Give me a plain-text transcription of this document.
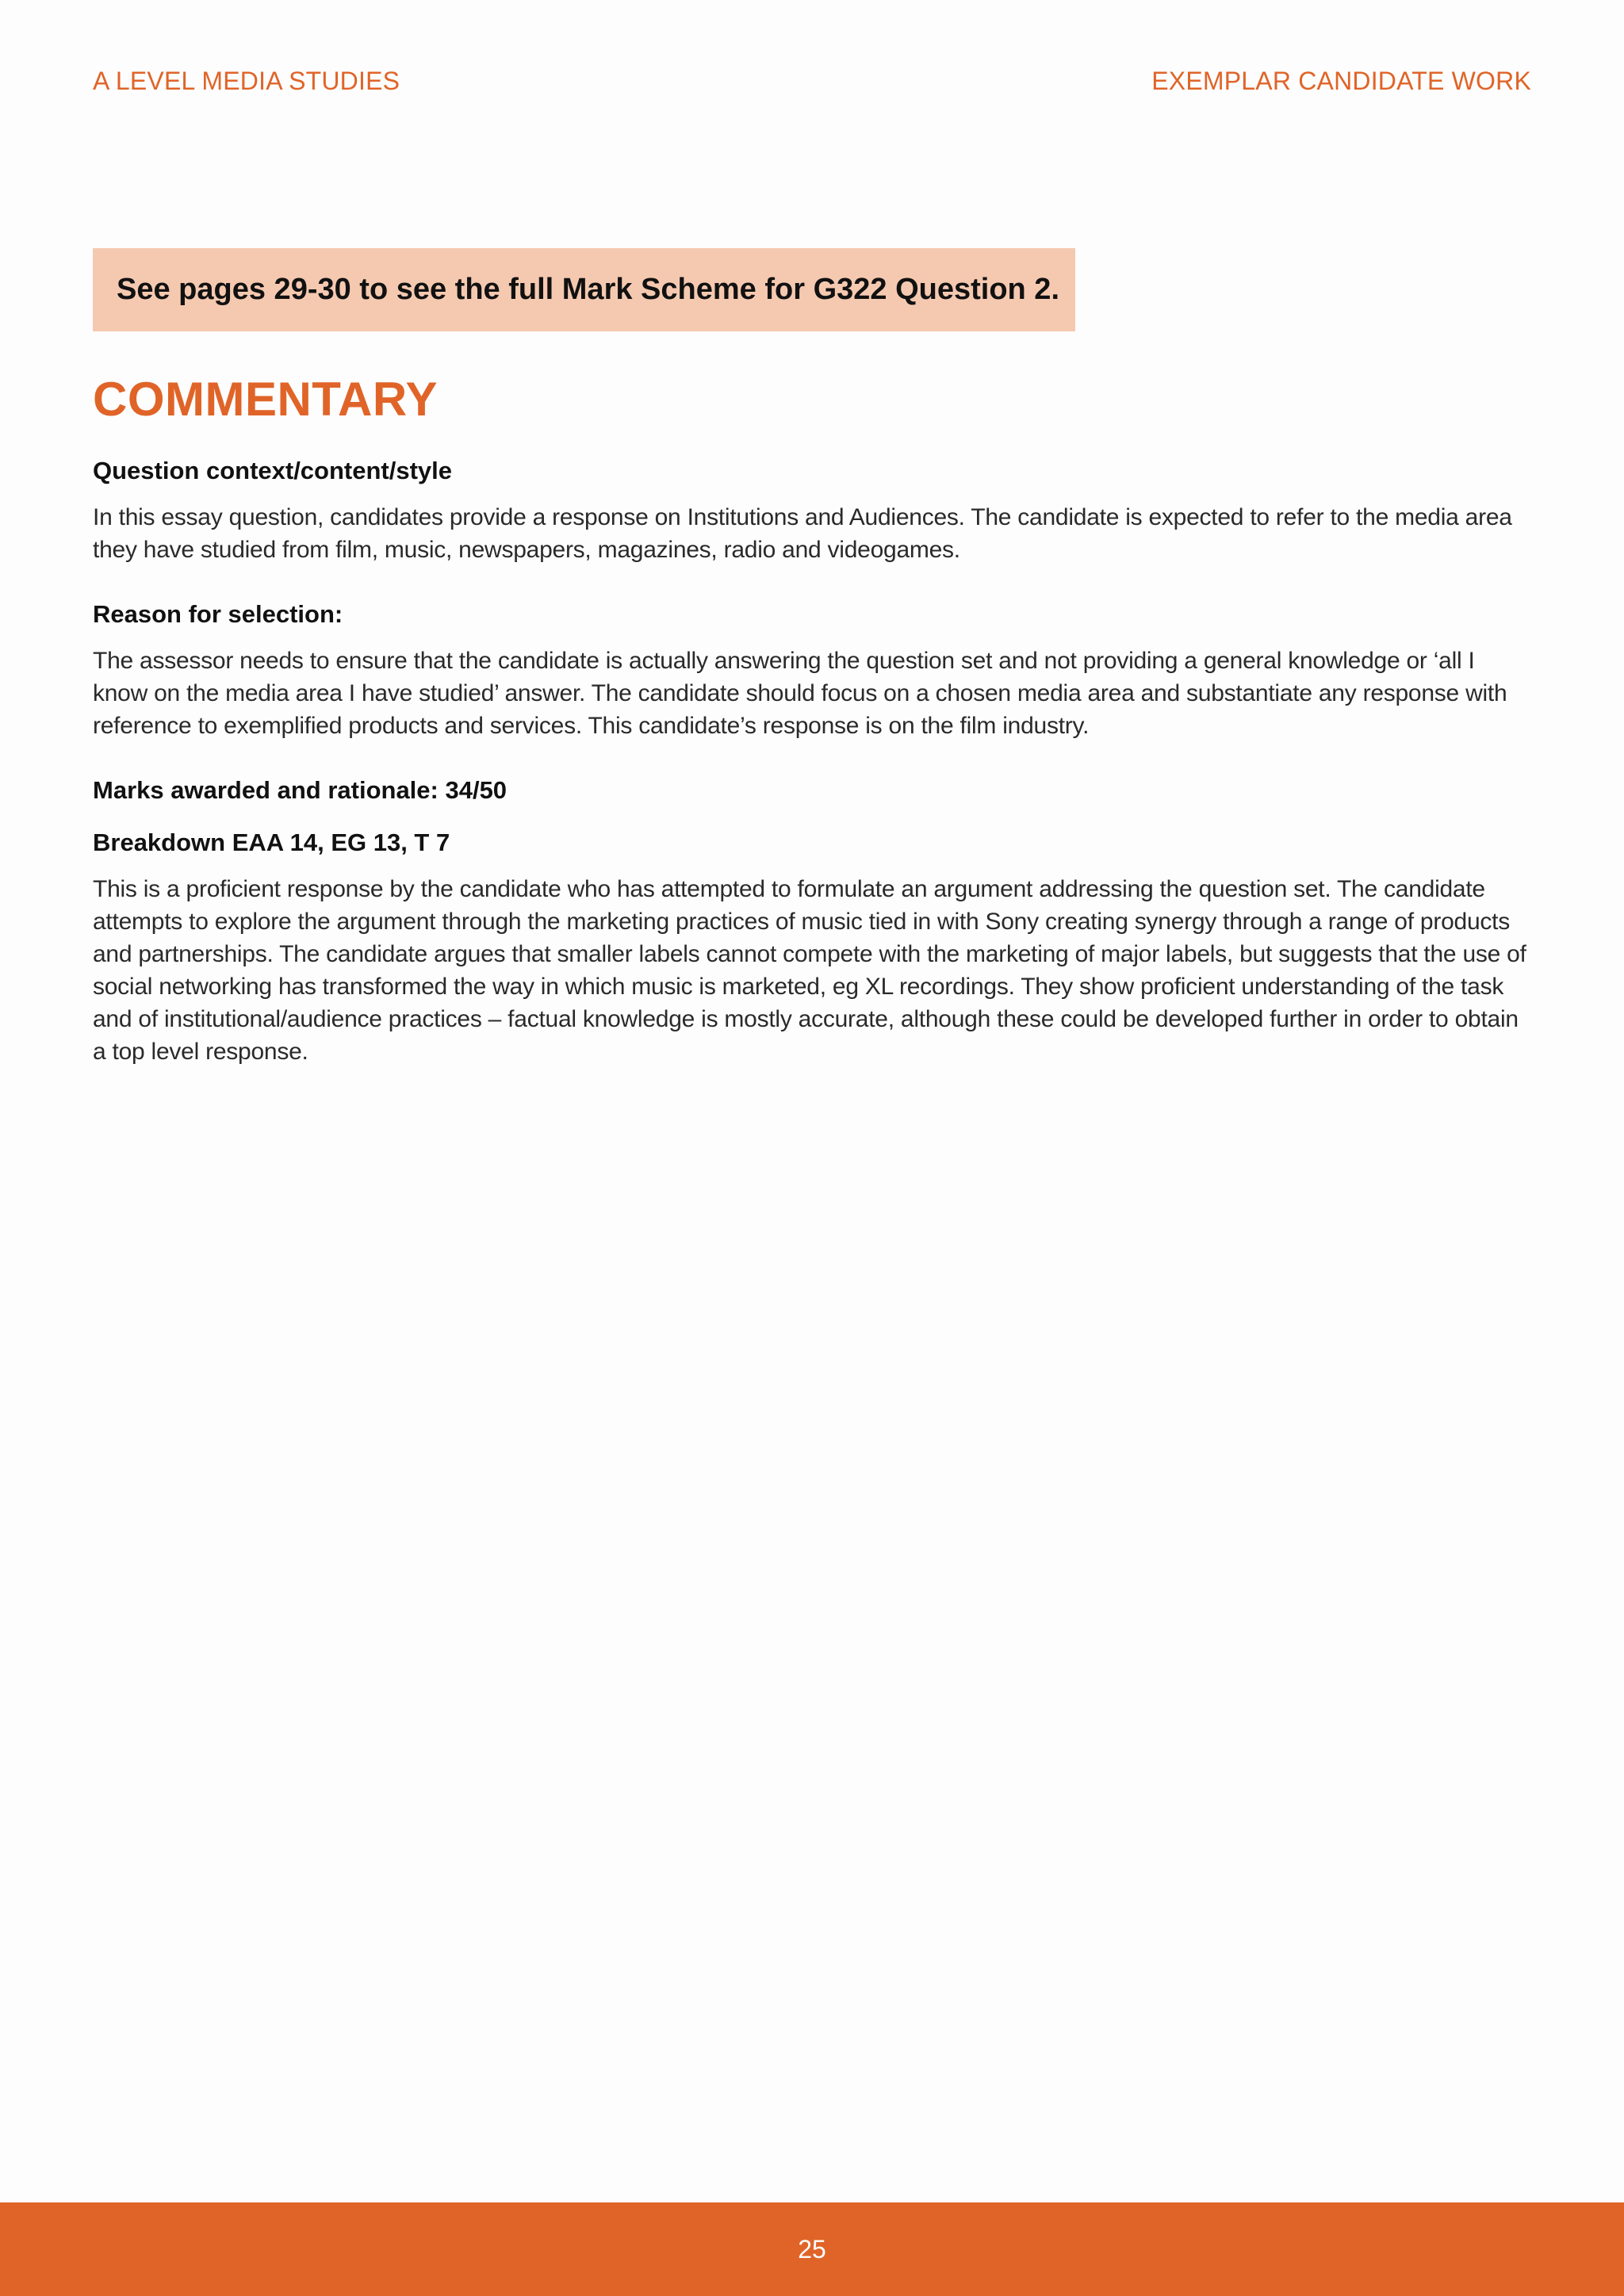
A LEVEL MEDIA STUDIES	EXEMPLAR CANDIDATE WORK
See pages 29-30 to see the full Mark Scheme for G322 Question 2.
COMMENTARY
Question context/content/style

In this essay question, candidates provide a response on Institutions and Audiences. The candidate is expected to refer to the media area they have studied from film, music, newspapers, magazines, radio and videogames.

Reason for selection:

The assessor needs to ensure that the candidate is actually answering the question set and not providing a general knowledge or ‘all I know on the media area I have studied’ answer. The candidate should focus on a chosen media area and substantiate any response with reference to exemplified products and services. This candidate’s response is on the film industry.

Marks awarded and rationale: 34/50
Breakdown EAA 14, EG 13, T 7

This is a proficient response by the candidate who has attempted to formulate an argument addressing the question set. The candidate attempts to explore the argument through the marketing practices of music tied in with Sony creating synergy through a range of products and partnerships. The candidate argues that smaller labels cannot compete with the marketing of major labels, but suggests that the use of social networking has transformed the way in which music is marketed, eg XL recordings. They show proficient understanding of the task and of institutional/audience practices – factual knowledge is mostly accurate, although these could be developed further in order to obtain a top level response.

25
